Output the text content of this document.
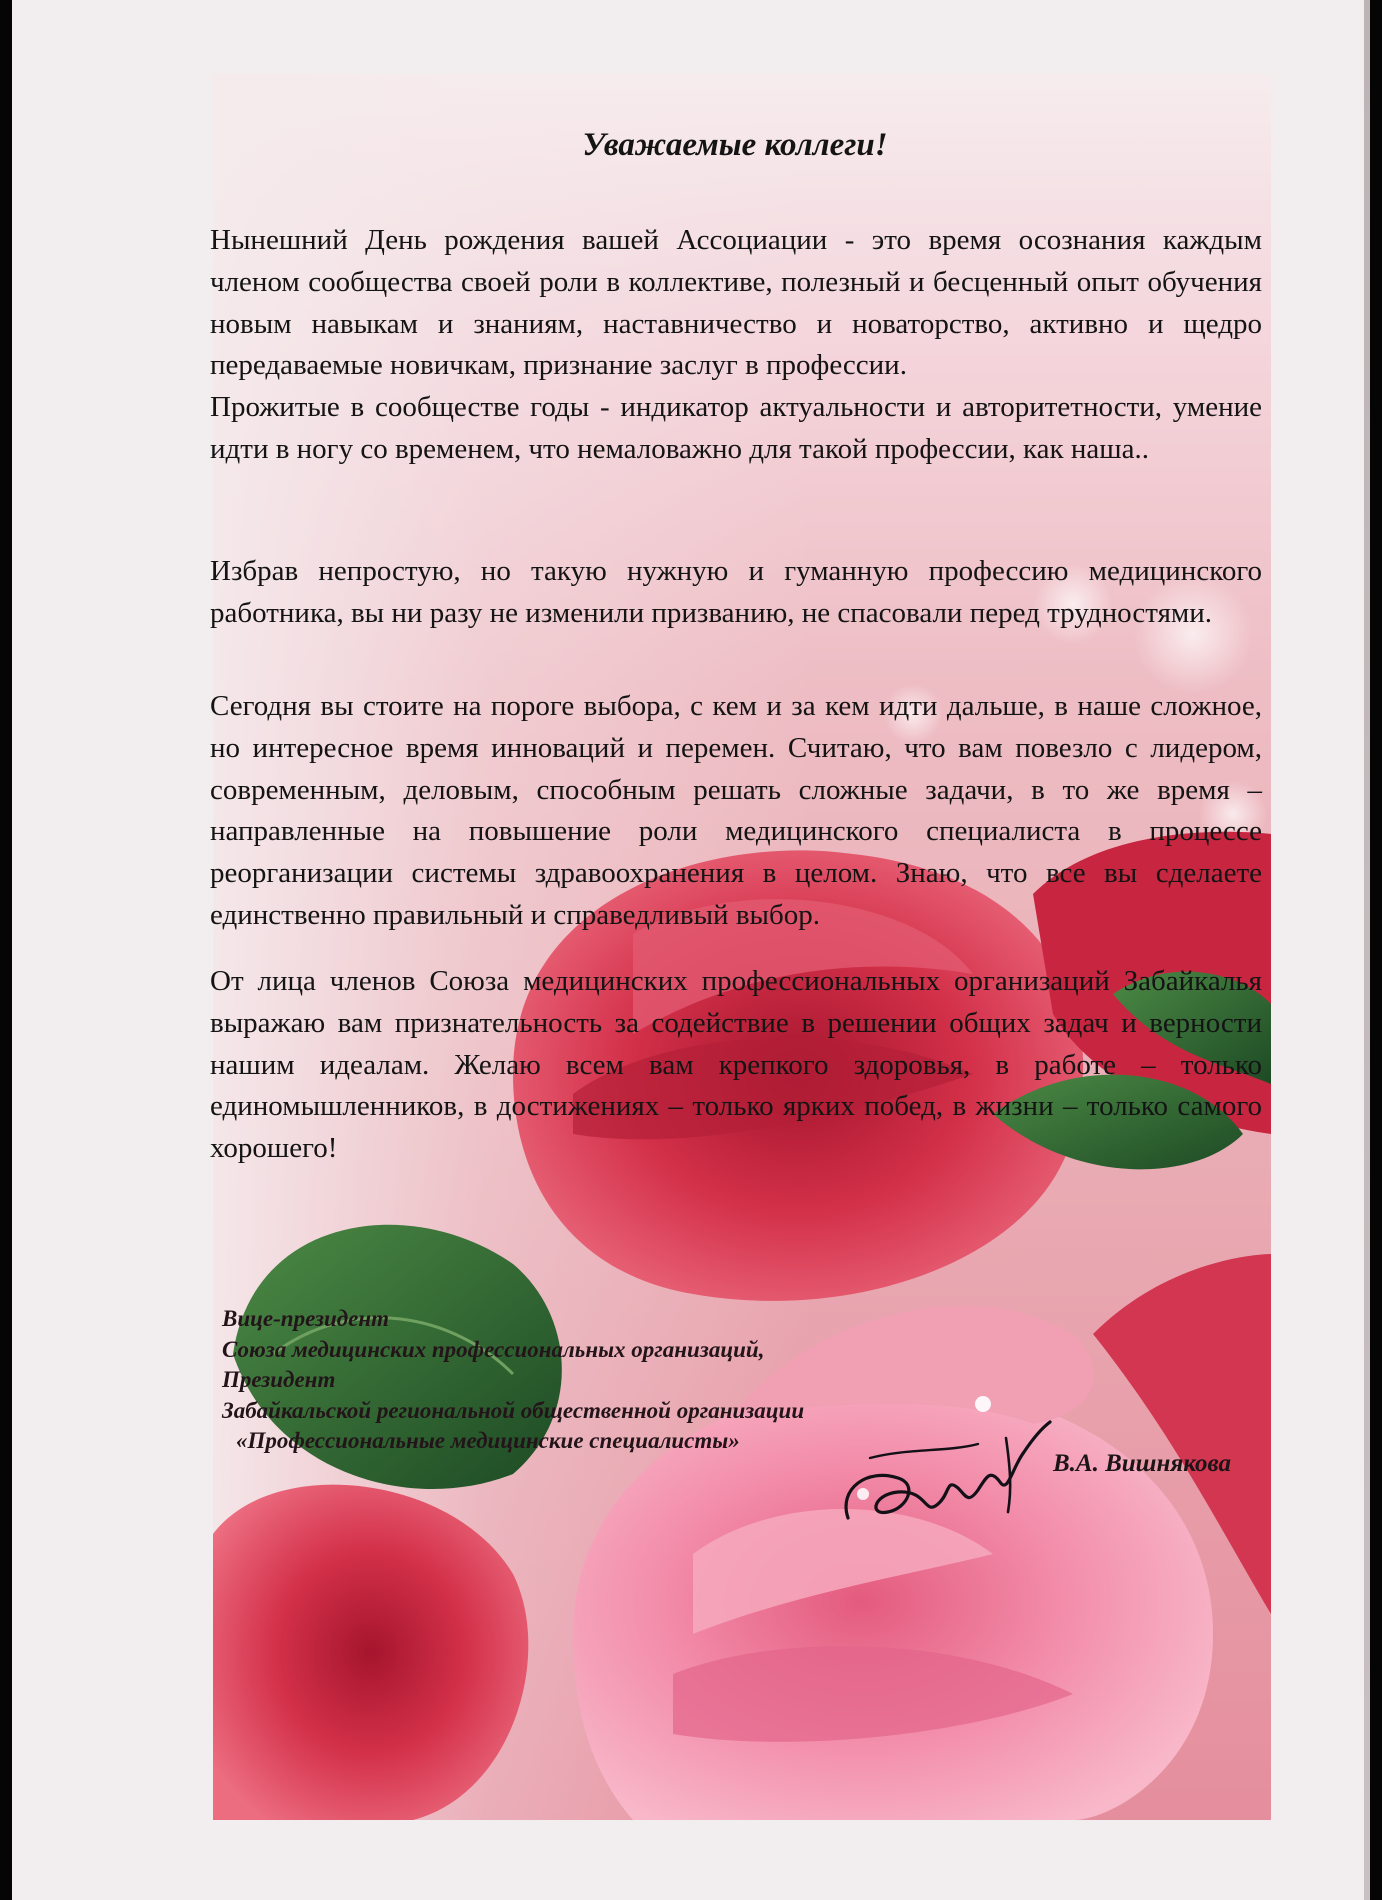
Уважаемые коллеги!

Нынешний День рождения вашей Ассоциации - это время осознания каждым членом сообщества своей роли в коллективе, полезный и бесценный опыт обучения новым навыкам и знаниям, наставничество и новаторство, активно и щедро передаваемые новичкам, признание заслуг в профессии.
Прожитые в сообществе годы - индикатор актуальности и авторитетности, умение идти в ногу со временем, что немаловажно для такой профессии, как наша..

Избрав непростую, но такую нужную и гуманную профессию медицинского работника, вы ни разу не изменили призванию, не спасовали перед трудностями.

Сегодня вы стоите на пороге выбора, с кем и за кем идти дальше, в наше сложное, но интересное время инноваций и перемен. Считаю, что вам повезло с лидером, современным, деловым, способным решать сложные задачи, в то же время – направленные на повышение роли медицинского специалиста в процессе реорганизации системы здравоохранения в целом. Знаю, что все вы сделаете единственно правильный и справедливый выбор.

От лица членов Союза медицинских профессиональных организаций Забайкалья выражаю вам признательность за содействие в решении общих задач и верности нашим идеалам. Желаю всем вам крепкого здоровья, в работе – только единомышленников, в достижениях – только ярких побед, в жизни – только самого хорошего!

Вице-президент
Союза медицинских профессиональных организаций,
Президент
Забайкальской региональной общественной организации
«Профессиональные медицинские специалисты»
В.А. Вишнякова
